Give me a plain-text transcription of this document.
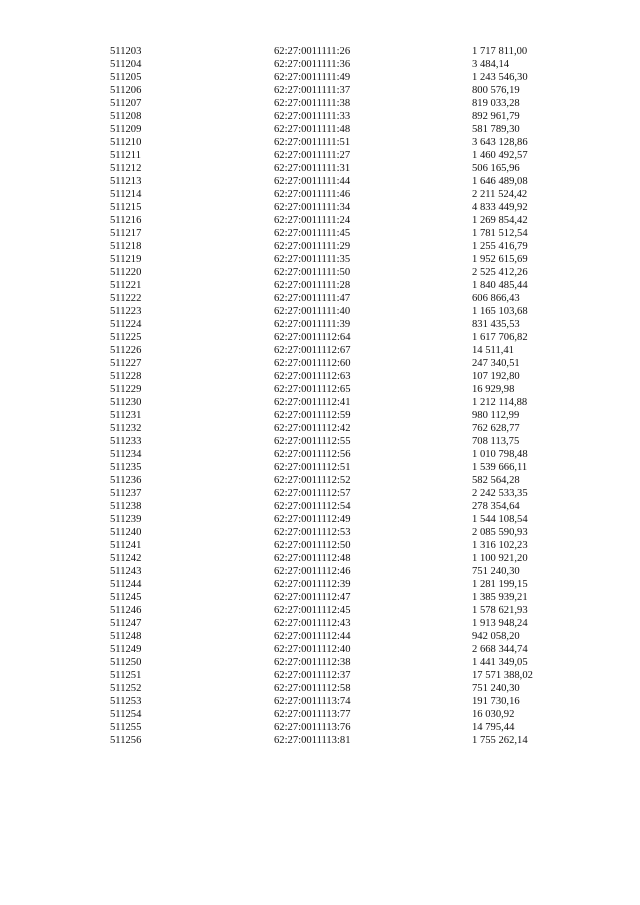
511203	62:27:0011111:26	1 717 811,00
511204	62:27:0011111:36	3 484,14
511205	62:27:0011111:49	1 243 546,30
511206	62:27:0011111:37	800 576,19
511207	62:27:0011111:38	819 033,28
511208	62:27:0011111:33	892 961,79
511209	62:27:0011111:48	581 789,30
511210	62:27:0011111:51	3 643 128,86
511211	62:27:0011111:27	1 460 492,57
511212	62:27:0011111:31	506 165,96
511213	62:27:0011111:44	1 646 489,08
511214	62:27:0011111:46	2 211 524,42
511215	62:27:0011111:34	4 833 449,92
511216	62:27:0011111:24	1 269 854,42
511217	62:27:0011111:45	1 781 512,54
511218	62:27:0011111:29	1 255 416,79
511219	62:27:0011111:35	1 952 615,69
511220	62:27:0011111:50	2 525 412,26
511221	62:27:0011111:28	1 840 485,44
511222	62:27:0011111:47	606 866,43
511223	62:27:0011111:40	1 165 103,68
511224	62:27:0011111:39	831 435,53
511225	62:27:0011112:64	1 617 706,82
511226	62:27:0011112:67	14 511,41
511227	62:27:0011112:60	247 340,51
511228	62:27:0011112:63	107 192,80
511229	62:27:0011112:65	16 929,98
511230	62:27:0011112:41	1 212 114,88
511231	62:27:0011112:59	980 112,99
511232	62:27:0011112:42	762 628,77
511233	62:27:0011112:55	708 113,75
511234	62:27:0011112:56	1 010 798,48
511235	62:27:0011112:51	1 539 666,11
511236	62:27:0011112:52	582 564,28
511237	62:27:0011112:57	2 242 533,35
511238	62:27:0011112:54	278 354,64
511239	62:27:0011112:49	1 544 108,54
511240	62:27:0011112:53	2 085 590,93
511241	62:27:0011112:50	1 316 102,23
511242	62:27:0011112:48	1 100 921,20
511243	62:27:0011112:46	751 240,30
511244	62:27:0011112:39	1 281 199,15
511245	62:27:0011112:47	1 385 939,21
511246	62:27:0011112:45	1 578 621,93
511247	62:27:0011112:43	1 913 948,24
511248	62:27:0011112:44	942 058,20
511249	62:27:0011112:40	2 668 344,74
511250	62:27:0011112:38	1 441 349,05
511251	62:27:0011112:37	17 571 388,02
511252	62:27:0011112:58	751 240,30
511253	62:27:0011113:74	191 730,16
511254	62:27:0011113:77	16 030,92
511255	62:27:0011113:76	14 795,44
511256	62:27:0011113:81	1 755 262,14
